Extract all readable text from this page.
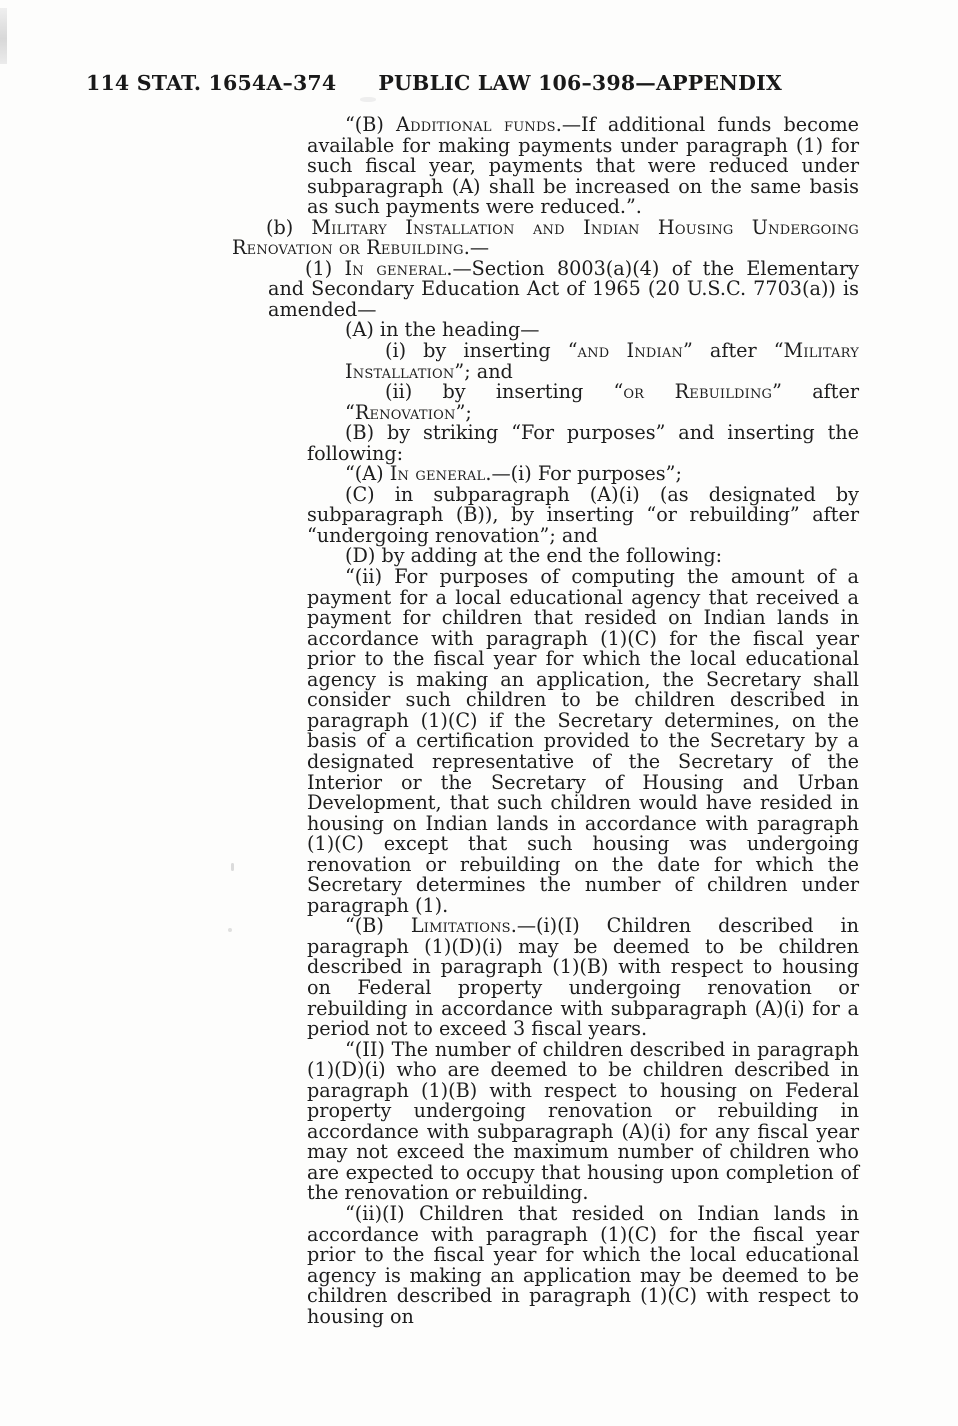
114 STAT. 1654A–374 PUBLIC LAW 106–398—APPENDIX

“(B) Additional funds.—If additional funds become available for making payments under paragraph (1) for such fiscal year, payments that were reduced under subparagraph (A) shall be increased on the same basis as such payments were reduced.”.

(b) Military Installation and Indian Housing Undergoing Renovation or Rebuilding.—

(1) In general.—Section 8003(a)(4) of the Elementary and Secondary Education Act of 1965 (20 U.S.C. 7703(a)) is amended—

(A) in the heading—

(i) by inserting “and Indian” after “Military Installation”; and

(ii) by inserting “or Rebuilding” after “Renovation”;

(B) by striking “For purposes” and inserting the following:

“(A) In general.—(i) For purposes”;

(C) in subparagraph (A)(i) (as designated by subparagraph (B)), by inserting “or rebuilding” after “undergoing renovation”; and

(D) by adding at the end the following:

“(ii) For purposes of computing the amount of a payment for a local educational agency that received a payment for children that resided on Indian lands in accordance with paragraph (1)(C) for the fiscal year prior to the fiscal year for which the local educational agency is making an application, the Secretary shall consider such children to be children described in paragraph (1)(C) if the Secretary determines, on the basis of a certification provided to the Secretary by a designated representative of the Secretary of the Interior or the Secretary of Housing and Urban Development, that such children would have resided in housing on Indian lands in accordance with paragraph (1)(C) except that such housing was undergoing renovation or rebuilding on the date for which the Secretary determines the number of children under paragraph (1).

“(B) Limitations.—(i)(I) Children described in paragraph (1)(D)(i) may be deemed to be children described in paragraph (1)(B) with respect to housing on Federal property undergoing renovation or rebuilding in accordance with subparagraph (A)(i) for a period not to exceed 3 fiscal years.

“(II) The number of children described in paragraph (1)(D)(i) who are deemed to be children described in paragraph (1)(B) with respect to housing on Federal property undergoing renovation or rebuilding in accordance with subparagraph (A)(i) for any fiscal year may not exceed the maximum number of children who are expected to occupy that housing upon completion of the renovation or rebuilding.

“(ii)(I) Children that resided on Indian lands in accordance with paragraph (1)(C) for the fiscal year prior to the fiscal year for which the local educational agency is making an application may be deemed to be children described in paragraph (1)(C) with respect to housing on
